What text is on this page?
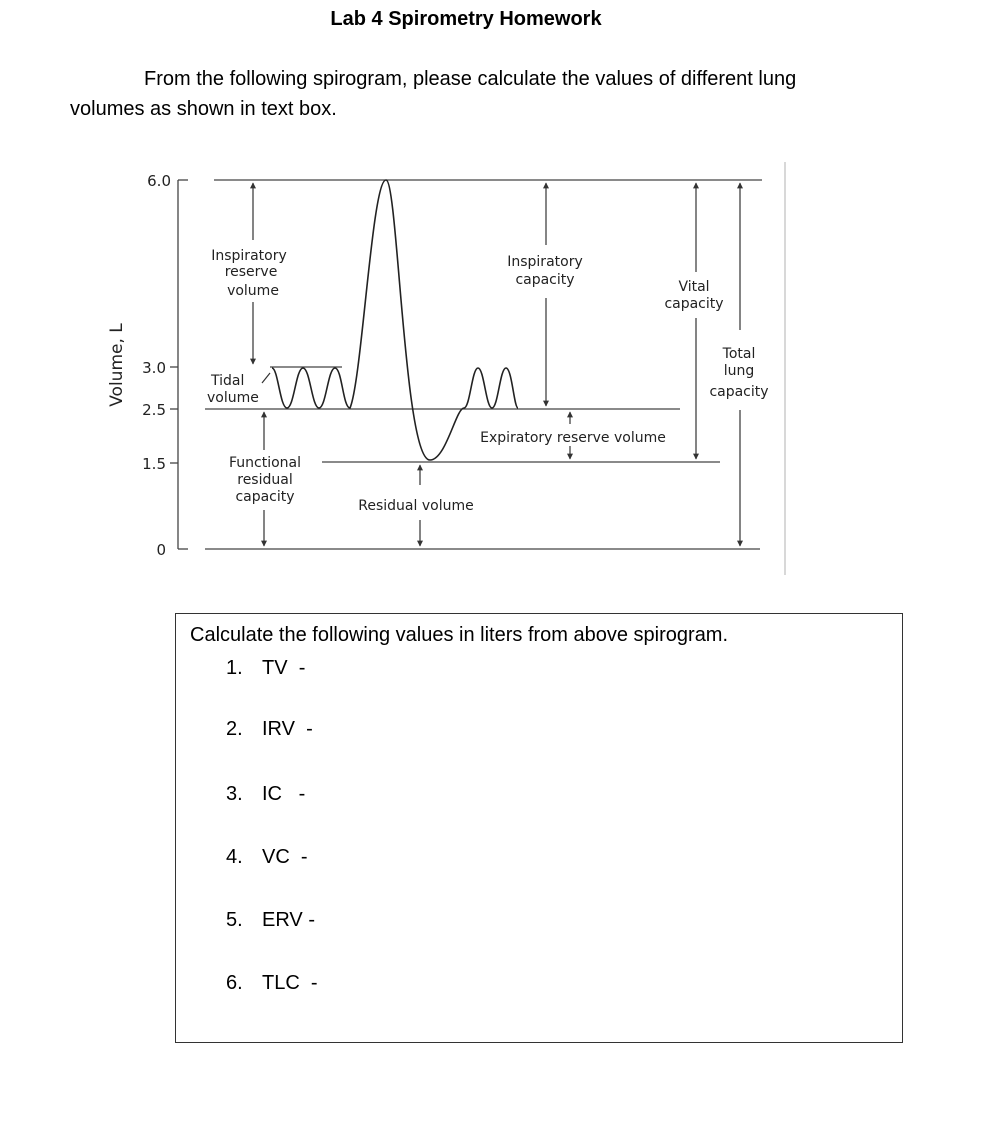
Lab 4 Spirometry Homework
From the following spirogram, please calculate the values of different lung
volumes as shown in text box.
6.0
3.0
2.5
1.5
0
Volume, L
Inspiratory
reserve
volume
Functional
residual
capacity
Inspiratory
capacity	Vital
capacity
Total
lung
capacity
Expiratory reserve volume
Residual volume
Tidal
volume
Calculate the following values in liters from above spirogram.
1. TV -
2. IRV -
3. IC -
4. VC -
5. ERV -
6. TLC -
